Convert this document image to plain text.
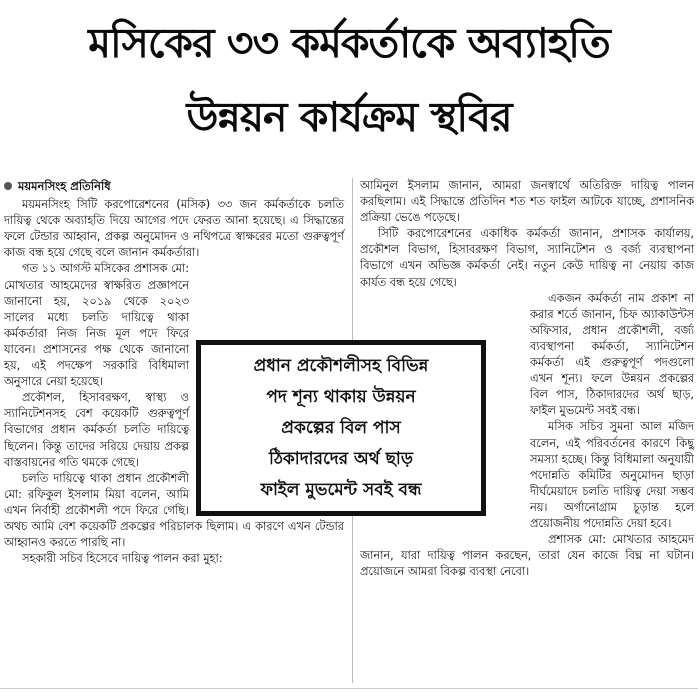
মসিকের ৩৩ কর্মকর্তাকে অব্যাহতি
উন্নয়ন কার্যক্রম স্থবির
ময়মনসিংহ প্রতিনিধি

ময়মনসিংহ সিটি করপোরেশনের (মসিক) ৩৩ জন কর্মকর্তাকে চলতি দায়িত্ব থেকে অব্যাহতি দিয়ে আগের পদে ফেরত আনা হয়েছে। এ সিদ্ধান্তের ফলে টেন্ডার আহ্বান, প্রকল্প অনুমোদন ও নথিপত্রে স্বাক্ষরের মতো গুরুত্বপূর্ণ কাজ বন্ধ হয়ে গেছে বলে জানান কর্মকর্তারা।

গত ১১ আগস্ট মসিকের প্রশাসক মো: মোখতার আহমেদের স্বাক্ষরিত প্রজ্ঞাপনে জানানো হয়, ২০১৯ থেকে ২০২৩ সালের মধ্যে চলতি দায়িত্বে থাকা কর্মকর্তারা নিজ নিজ মূল পদে ফিরে যাবেন। প্রশাসনের পক্ষ থেকে জানানো হয়, এই পদক্ষেপ সরকারি বিধিমালা অনুসারে নেয়া হয়েছে।

প্রকৌশল, হিসাবরক্ষণ, স্বাস্থ্য ও স্যানিটেশনসহ বেশ কয়েকটি গুরুত্বপূর্ণ বিভাগের প্রধান কর্মকর্তা চলতি দায়িত্বে ছিলেন। কিন্তু তাদের সরিয়ে দেয়ায় প্রকল্প বাস্তবায়নের গতি থমকে গেছে।

চলতি দায়িত্বে থাকা প্রধান প্রকৌশলী মো: রফিকুল ইসলাম মিয়া বলেন, আমি এখন নির্বাহী প্রকৌশলী পদে ফিরে গেছি। অথচ আমি বেশ কয়েকটি প্রকল্পের পরিচালক ছিলাম। এ কারণে এখন টেন্ডার আহ্বানও করতে পারছি না।

সহকারী সচিব হিসেবে দায়িত্ব পালন করা মুহা:

আমিনুল ইসলাম জানান, আমরা জনস্বার্থে অতিরিক্ত দায়িত্ব পালন করছিলাম। এই সিদ্ধান্তে প্রতিদিন শত শত ফাইল আটকে যাচ্ছে, প্রশাসনিক প্রক্রিয়া ভেঙে পড়েছে।

সিটি করপোরেশনের একাধিক কর্মকর্তা জানান, প্রশাসক কার্যালয়, প্রকৌশল বিভাগ, হিসাবরক্ষণ বিভাগ, স্যানিটেশন ও বর্জ্য ব্যবস্থাপনা বিভাগে এখন অভিজ্ঞ কর্মকর্তা নেই। নতুন কেউ দায়িত্ব না নেয়ায় কাজ কার্যত বন্ধ হয়ে গেছে।

একজন কর্মকর্তা নাম প্রকাশ না করার শর্তে জানান, চিফ অ্যাকাউন্টস অফিসার, প্রধান প্রকৌশলী, বর্জ্য ব্যবস্থাপনা কর্মকর্তা, স্যানিটেশন কর্মকর্তা এই গুরুত্বপূর্ণ পদগুলো এখন শূন্য। ফলে উন্নয়ন প্রকল্পের বিল পাস, ঠিকাদারদের অর্থ ছাড়, ফাইল মুভমেন্ট সবই বন্ধ।

মসিক সচিব সুমনা আল মজিদ বলেন, এই পরিবর্তনের কারণে কিছু সমস্যা হচ্ছে। কিন্তু বিধিমালা অনুযায়ী পদোন্নতি কমিটির অনুমোদন ছাড়া দীর্ঘমেয়াদে চলতি দায়িত্ব দেয়া সম্ভব নয়। অর্গানোগ্রাম চূড়ান্ত হলে প্রয়োজনীয় পদোন্নতি দেয়া হবে।

প্রশাসক মো: মোখতার আহমেদ জানান, যারা দায়িত্ব পালন করছেন, তারা যেন কাজে বিঘ্ন না ঘটান। প্রয়োজনে আমরা বিকল্প ব্যবস্থা নেবো।

প্রধান প্রকৌশলীসহ বিভিন্ন
পদ শূন্য থাকায় উন্নয়ন
প্রকল্পের বিল পাস
ঠিকাদারদের অর্থ ছাড়
ফাইল মুভমেন্ট সবই বন্ধ
